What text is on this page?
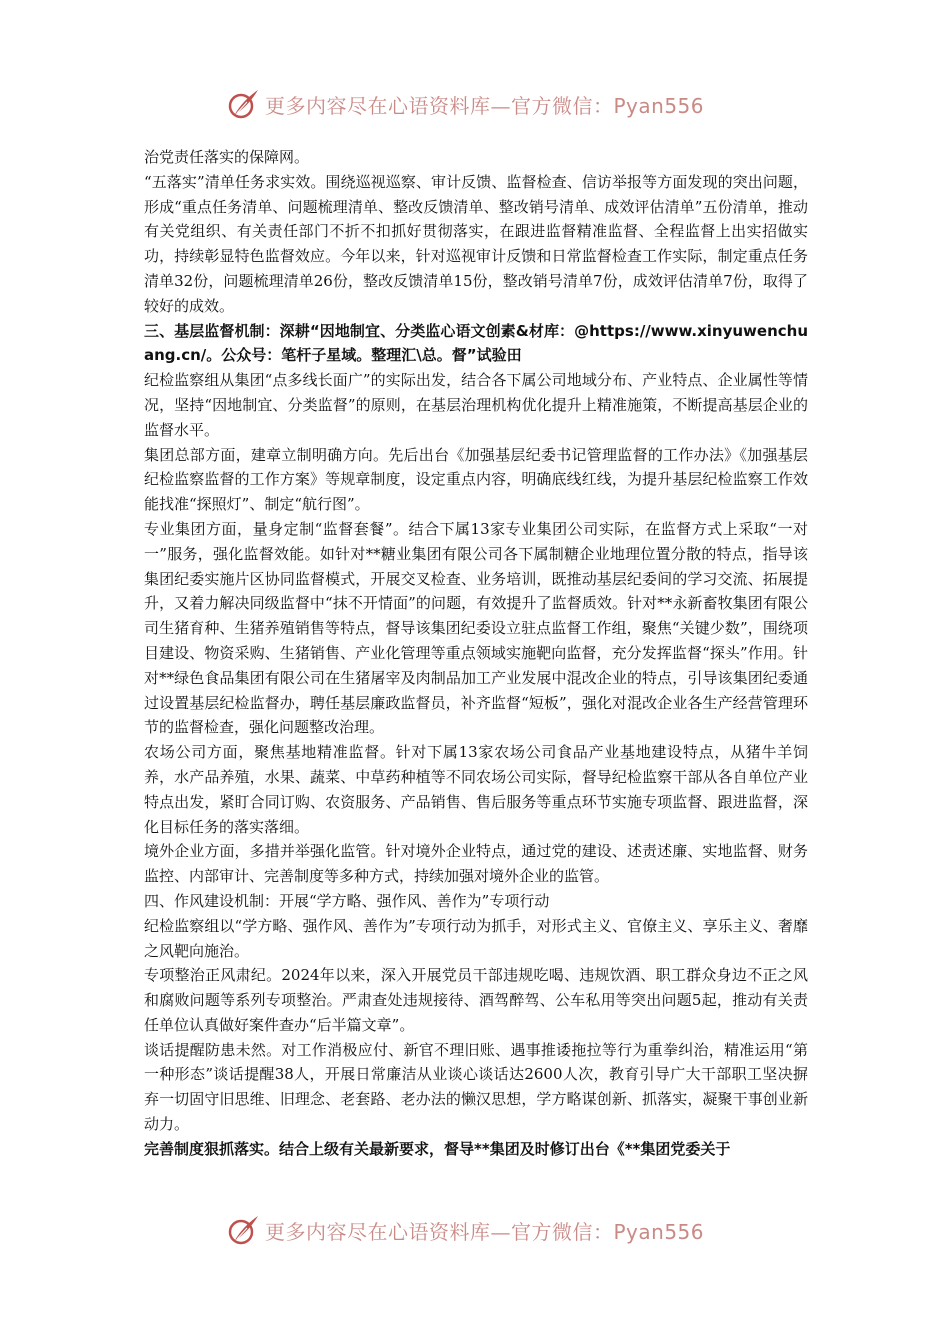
更多内容尽在心语资料库—官方微信：Pyan556

治党责任落实的保障网。

“五落实”清单任务求实效。围绕巡视巡察、审计反馈、监督检查、信访举报等方面发现的突出问题，形成“重点任务清单、问题梳理清单、整改反馈清单、整改销号清单、成效评估清单”五份清单，推动有关党组织、有关责任部门不折不扣抓好贯彻落实，在跟进监督精准监督、全程监督上出实招做实功，持续彰显特色监督效应。今年以来，针对巡视审计反馈和日常监督检查工作实际，制定重点任务清单32份，问题梳理清单26份，整改反馈清单15份，整改销号清单7份，成效评估清单7份，取得了较好的成效。

三、基层监督机制：深耕“因地制宜、分类监心语文创素&材库：@https://www.xinyuwenchuang.cn/。公众号：笔杆子星域。整理汇\总。督”试验田

纪检监察组从集团“点多线长面广”的实际出发，结合各下属公司地域分布、产业特点、企业属性等情况，坚持“因地制宜、分类监督”的原则，在基层治理机构优化提升上精准施策，不断提高基层企业的监督水平。

集团总部方面，建章立制明确方向。先后出台《加强基层纪委书记管理监督的工作办法》《加强基层纪检监察监督的工作方案》等规章制度，设定重点内容，明确底线红线，为提升基层纪检监察工作效能找准“探照灯”、制定“航行图”。

专业集团方面，量身定制“监督套餐”。结合下属13家专业集团公司实际，在监督方式上采取“一对一”服务，强化监督效能。如针对**糖业集团有限公司各下属制糖企业地理位置分散的特点，指导该集团纪委实施片区协同监督模式，开展交叉检查、业务培训，既推动基层纪委间的学习交流、拓展提升，又着力解决同级监督中“抹不开情面”的问题，有效提升了监督质效。针对**永新畜牧集团有限公司生猪育种、生猪养殖销售等特点，督导该集团纪委设立驻点监督工作组，聚焦“关键少数”，围绕项目建设、物资采购、生猪销售、产业化管理等重点领域实施靶向监督，充分发挥监督“探头”作用。针对**绿色食品集团有限公司在生猪屠宰及肉制品加工产业发展中混改企业的特点，引导该集团纪委通过设置基层纪检监督办，聘任基层廉政监督员，补齐监督“短板”，强化对混改企业各生产经营管理环节的监督检查，强化问题整改治理。

农场公司方面，聚焦基地精准监督。针对下属13家农场公司食品产业基地建设特点，从猪牛羊饲养，水产品养殖，水果、蔬菜、中草药种植等不同农场公司实际，督导纪检监察干部从各自单位产业特点出发，紧盯合同订购、农资服务、产品销售、售后服务等重点环节实施专项监督、跟进监督，深化目标任务的落实落细。

境外企业方面，多措并举强化监管。针对境外企业特点，通过党的建设、述责述廉、实地监督、财务监控、内部审计、完善制度等多种方式，持续加强对境外企业的监管。

四、作风建设机制：开展“学方略、强作风、善作为”专项行动

纪检监察组以“学方略、强作风、善作为”专项行动为抓手，对形式主义、官僚主义、享乐主义、奢靡之风靶向施治。

专项整治正风肃纪。2024年以来，深入开展党员干部违规吃喝、违规饮酒、职工群众身边不正之风和腐败问题等系列专项整治。严肃查处违规接待、酒驾醉驾、公车私用等突出问题5起，推动有关责任单位认真做好案件查办“后半篇文章”。

谈话提醒防患未然。对工作消极应付、新官不理旧账、遇事推诿拖拉等行为重拳纠治，精准运用“第一种形态”谈话提醒38人，开展日常廉洁从业谈心谈话达2600人次，教育引导广大干部职工坚决摒弃一切固守旧思维、旧理念、老套路、老办法的懒汉思想，学方略谋创新、抓落实，凝聚干事创业新动力。

完善制度狠抓落实。结合上级有关最新要求，督导**集团及时修订出台《**集团党委关于

更多内容尽在心语资料库—官方微信：Pyan556
